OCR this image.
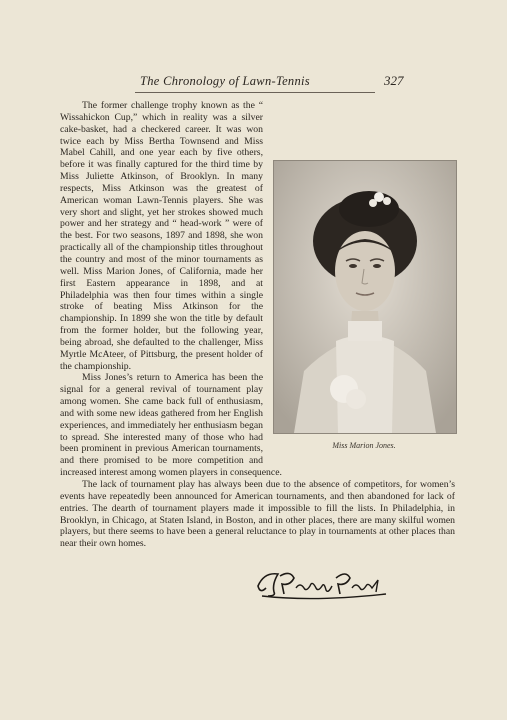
The Chronology of Lawn-Tennis	327
Miss Marion Jones.

The former challenge trophy known as the “ Wissahickon Cup,” which in reality was a silver cake-basket, had a checkered career. It was won twice each by Miss Bertha Townsend and Miss Mabel Cahill, and one year each by five others, before it was finally captured for the third time by Miss Juliette Atkinson, of Brooklyn. In many respects, Miss Atkinson was the greatest of American woman Lawn-Tennis players. She was very short and slight, yet her strokes showed much power and her strategy and “ head-work ” were of the best. For two seasons, 1897 and 1898, she won practically all of the championship titles throughout the country and most of the minor tournaments as well. Miss Marion Jones, of California, made her first Eastern appearance in 1898, and at Philadelphia was then four times within a single stroke of beating Miss Atkinson for the championship. In 1899 she won the title by default from the former holder, but the following year, being abroad, she defaulted to the challenger, Miss Myrtle McAteer, of Pittsburg, the present holder of the championship.

Miss Jones’s return to America has been the signal for a general revival of tournament play among women. She came back full of enthusiasm, and with some new ideas gathered from her English experiences, and immediately her enthusiasm began to spread. She interested many of those who had been prominent in previous American tournaments, and there promised to be more competition and increased interest among women players in consequence.

The lack of tournament play has always been due to the absence of competitors, for women’s events have repeatedly been announced for American tournaments, and then abandoned for lack of entries. The dearth of tournament players made it impossible to fill the lists. In Philadelphia, in Brooklyn, in Chicago, at Staten Island, in Boston, and in other places, there are many skilful women players, but there seems to have been a general reluctance to play in tournaments at other places than near their own homes.
